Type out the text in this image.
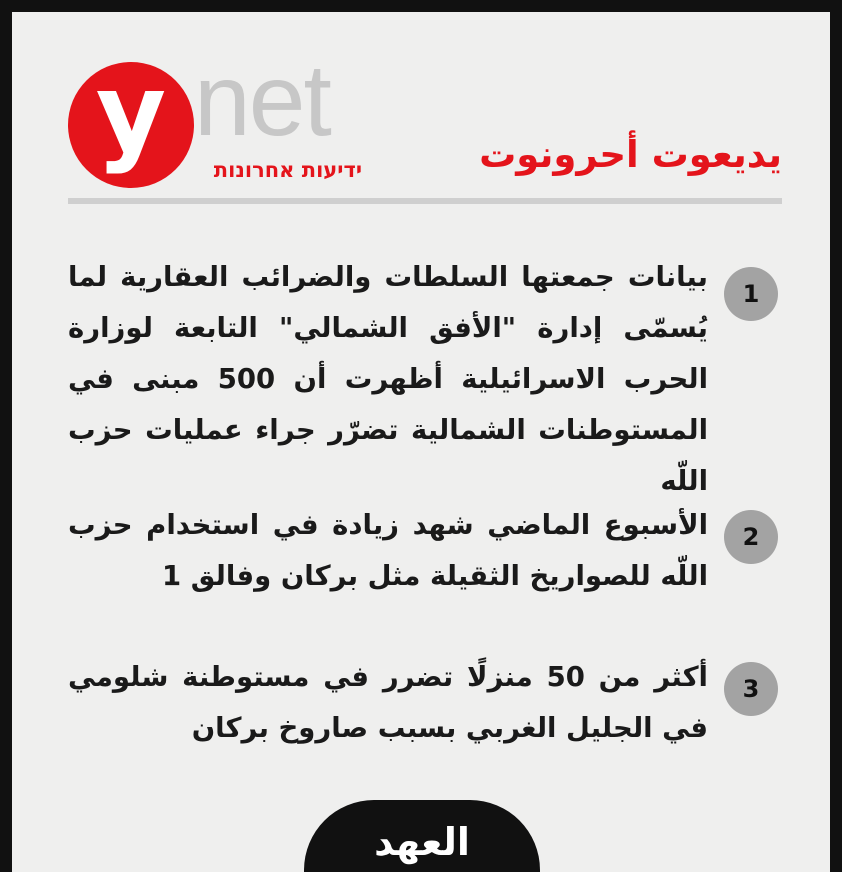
y net
ידיעות אחרונות	يديعوت أحرونوت
1
بيانات جمعتها السلطات والضرائب العقارية لما يُسمّى إدارة "الأفق الشمالي" التابعة لوزارة الحرب الاسرائيلية أظهرت أن 500 مبنى في المستوطنات الشمالية تضرّر جراء عمليات حزب اللّه
2
الأسبوع الماضي شهد زيادة في استخدام حزب اللّه للصواريخ الثقيلة مثل بركان وفالق 1
3
أكثر من 50 منزلًا تضرر في مستوطنة شلومي في الجليل الغربي بسبب صاروخ بركان
العهد
